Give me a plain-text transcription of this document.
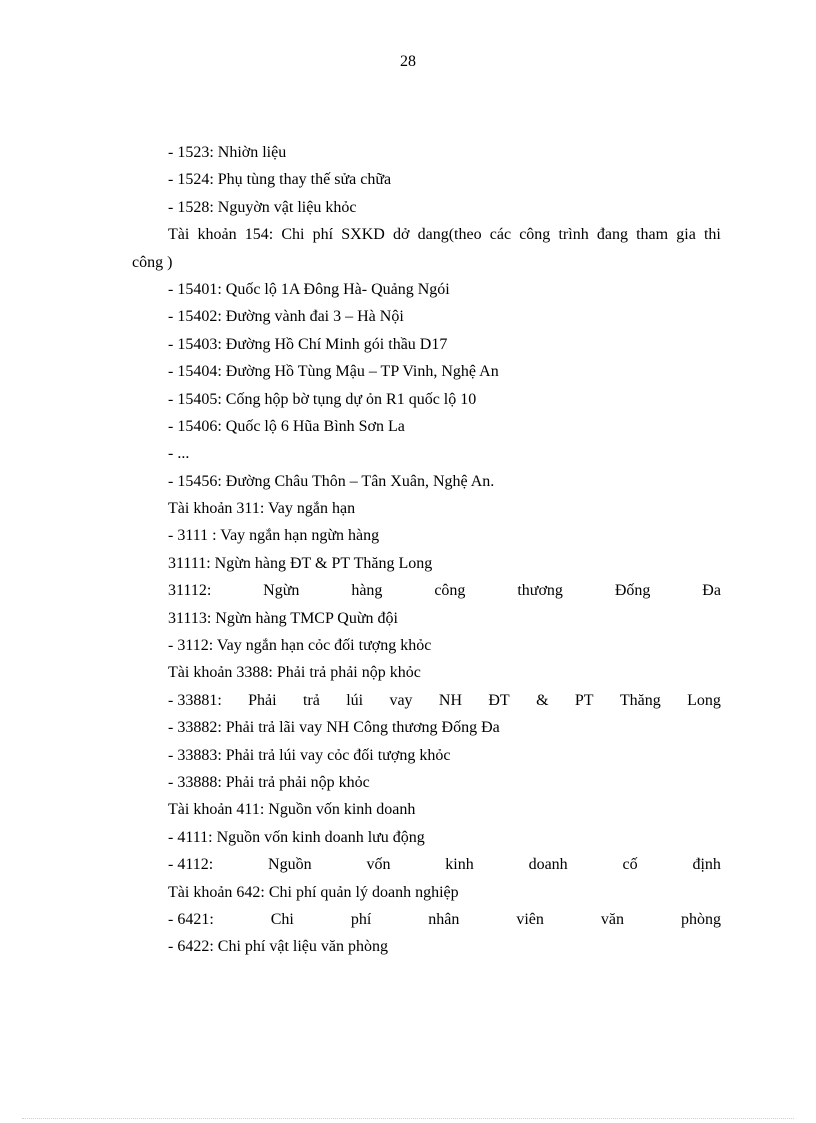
28
- 1523: Nhiờn liệu
- 1524: Phụ tùng thay thế sửa chữa
- 1528: Nguyờn vật liệu khỏc
Tài khoản 154: Chi phí SXKD dở dang(theo các công trình đang tham gia thi
công )
- 15401: Quốc lộ 1A Đông Hà- Quảng Ngói
- 15402: Đường vành đai 3 – Hà Nội
- 15403: Đường Hồ Chí Minh gói thầu D17
- 15404: Đường Hồ Tùng Mậu – TP Vinh, Nghệ An
- 15405: Cống hộp bờ tụng dự ỏn R1 quốc lộ 10
- 15406: Quốc lộ 6 Hũa Bình Sơn La
- ...
- 15456: Đường Châu Thôn – Tân Xuân, Nghệ An.
Tài khoản 311: Vay ngắn hạn
- 3111 : Vay ngắn hạn ngừn hàng
31111: Ngừn hàng ĐT & PT Thăng Long
31112:	Ngừn	hàng	công	thương	Đống	Đa
31113: Ngừn hàng TMCP Quừn đội
- 3112: Vay ngắn hạn cỏc đối tượng khỏc
Tài khoản 3388: Phải trả phải nộp khỏc
- 33881: Phải trả lúi vay NH ĐT & PT Thăng Long
- 33882: Phải trả lãi vay NH Công thương Đống Đa
- 33883: Phải trả lúi vay cỏc đối tượng khỏc
- 33888: Phải trả phải nộp khỏc
Tài khoản 411: Nguồn vốn kinh doanh
- 4111: Nguồn vốn kinh doanh lưu động
- 4112:	Nguồn	vốn	kinh	doanh	cố	định
Tài khoản 642: Chi phí quản lý doanh nghiệp
- 6421:	Chi	phí	nhân	viên	văn	phòng
- 6422: Chi phí vật liệu văn phòng
